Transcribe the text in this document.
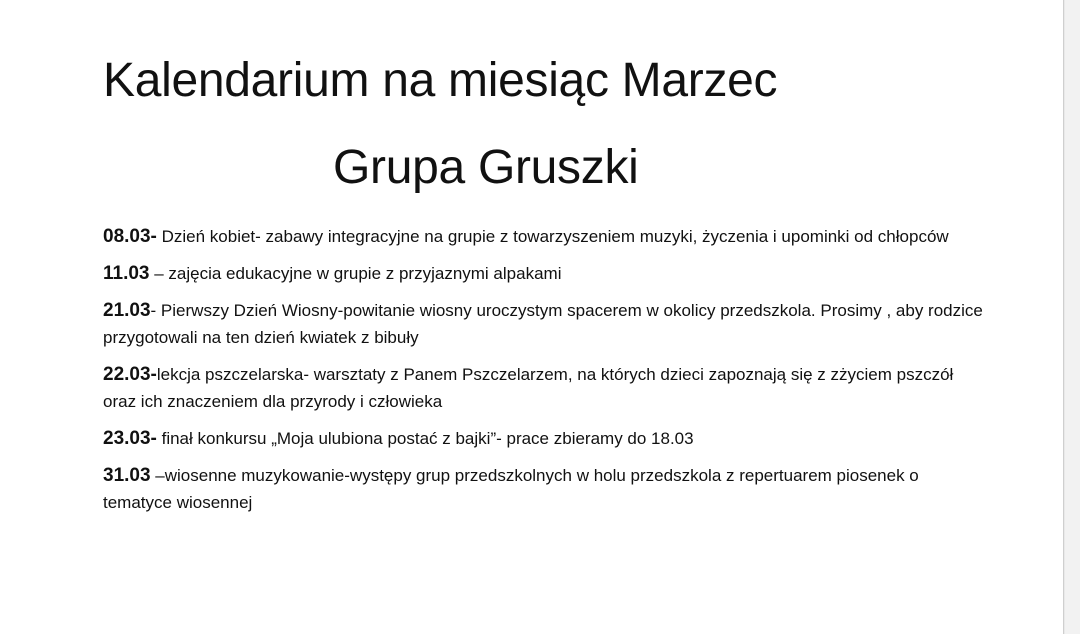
Kalendarium na miesiąc Marzec
Grupa Gruszki
08.03- Dzień kobiet- zabawy integracyjne na grupie z towarzyszeniem muzyki, życzenia i upominki od chłopców
11.03 – zajęcia edukacyjne w grupie z przyjaznymi alpakami
21.03- Pierwszy Dzień Wiosny-powitanie wiosny uroczystym spacerem w okolicy przedszkola. Prosimy , aby rodzice przygotowali na ten dzień kwiatek z bibuły
22.03-lekcja pszczelarska- warsztaty z Panem Pszczelarzem, na których dzieci zapoznają się z zżyciem pszczół oraz ich znaczeniem dla przyrody i człowieka
23.03- finał konkursu „Moja ulubiona postać z bajki”- prace zbieramy do 18.03
31.03 –wiosenne muzykowanie-występy grup przedszkolnych w holu przedszkola z repertuarem piosenek o tematyce wiosennej
